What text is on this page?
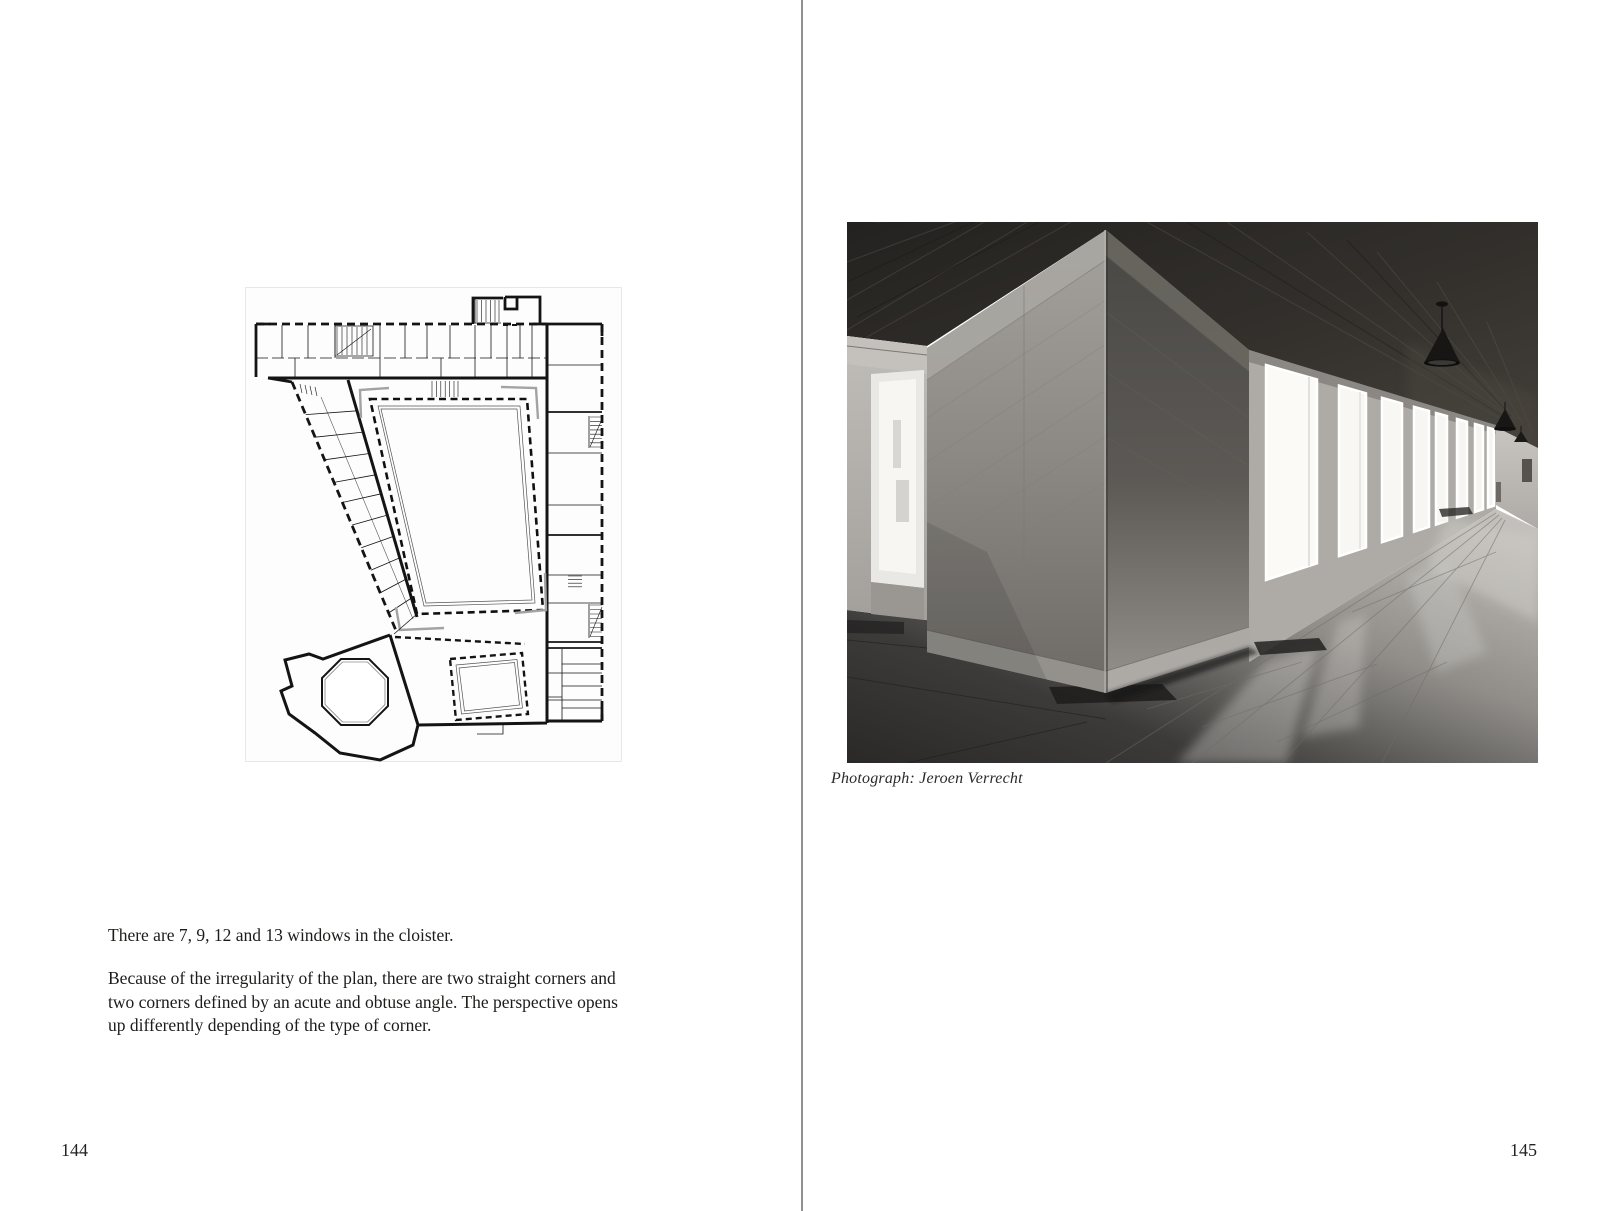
There are 7, 9, 12 and 13 windows in the cloister.
Because of the irregularity of the plan, there are two straight corners and
two corners defined by an acute and obtuse angle. The perspective opens
up differently depending of the type of corner.
144
Photograph: Jeroen Verrecht
145
